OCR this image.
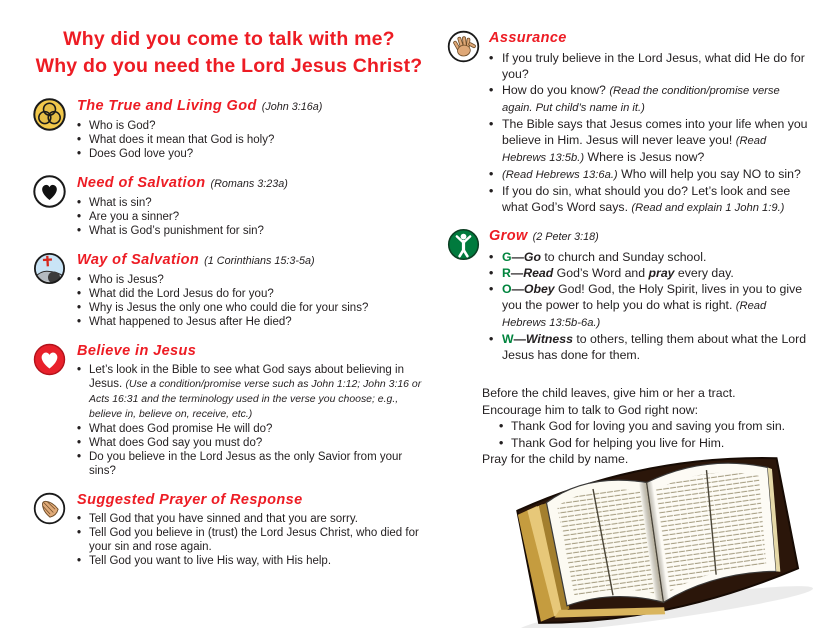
Why did you come to talk with me?
Why do you need the Lord Jesus Christ?
The True and Living God (John 3:16a)
• Who is God?
• What does it mean that God is holy?
• Does God love you?
Need of Salvation (Romans 3:23a)
• What is sin?
• Are you a sinner?
• What is God’s punishment for sin?
Way of Salvation (1 Corinthians 15:3-5a)
• Who is Jesus?
• What did the Lord Jesus do for you?
• Why is Jesus the only one who could die for your sins?
• What happened to Jesus after He died?
Believe in Jesus
• Let’s look in the Bible to see what God says about believing in Jesus. (Use a condition/promise verse such as John 1:12; John 3:16 or Acts 16:31 and the terminology used in the verse you choose; e.g., believe in, believe on, receive, etc.)
• What does God promise He will do?
• What does God say you must do?
• Do you believe in the Lord Jesus as the only Savior from your sins?
Suggested Prayer of Response
• Tell God that you have sinned and that you are sorry.
• Tell God you believe in (trust) the Lord Jesus Christ, who died for your sin and rose again.
• Tell God you want to live His way, with His help.
Assurance
• If you truly believe in the Lord Jesus, what did He do for you?
• How do you know? (Read the condition/promise verse again. Put child’s name in it.)
• The Bible says that Jesus comes into your life when you believe in Him. Jesus will never leave you! (Read Hebrews 13:5b.) Where is Jesus now?
• (Read Hebrews 13:6a.) Who will help you say NO to sin?
• If you do sin, what should you do? Let’s look and see what God’s Word says. (Read and explain 1 John 1:9.)
Grow (2 Peter 3:18)
• G—Go to church and Sunday school.
• R—Read God’s Word and pray every day.
• O—Obey God! God, the Holy Spirit, lives in you to give you the power to help you do what is right. (Read Hebrews 13:5b-6a.)
• W—Witness to others, telling them about what the Lord Jesus has done for them.
Before the child leaves, give him or her a tract.
Encourage him to talk to God right now:
• Thank God for loving you and saving you from sin.
• Thank God for helping you live for Him.
Pray for the child by name.
